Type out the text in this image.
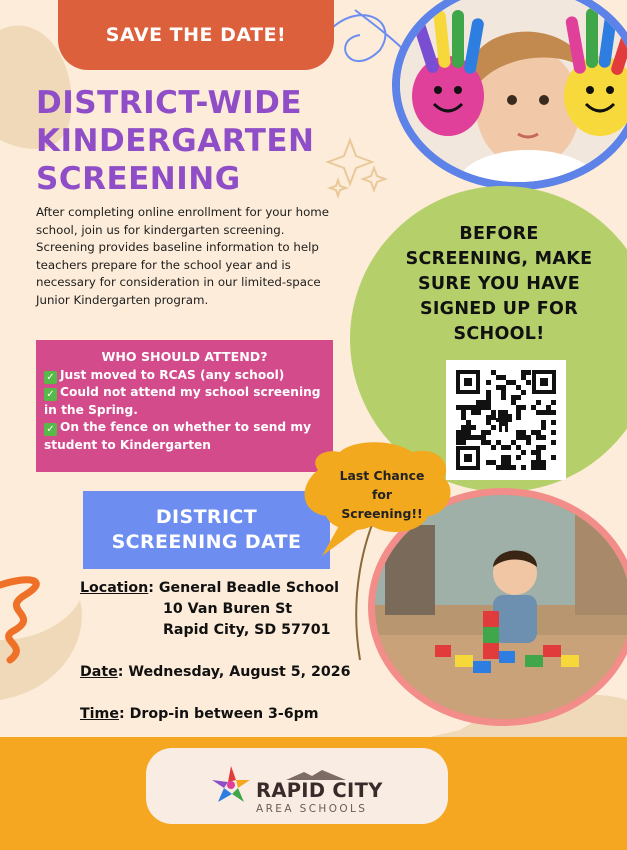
SAVE THE DATE!
DISTRICT-WIDE
KINDERGARTEN
SCREENING

After completing online enrollment for your home school, join us for kindergarten screening. Screening provides baseline information to help teachers prepare for the school year and is necessary for consideration in our limited-space Junior Kindergarten program.

WHO SHOULD ATTEND?
✓ Just moved to RCAS (any school)
✓ Could not attend my school screening in the Spring.
✓ On the fence on whether to send my student to Kindergarten
DISTRICT
SCREENING DATE
Location: General Beadle School
10 Van Buren St
Rapid City, SD 57701
Date: Wednesday, August 5, 2026
Time: Drop-in between 3-6pm
BEFORE
SCREENING, MAKE
SURE YOU HAVE
SIGNED UP FOR
SCHOOL!
Last Chance
for
Screening!!
RAPID CITY
AREA SCHOOLS
